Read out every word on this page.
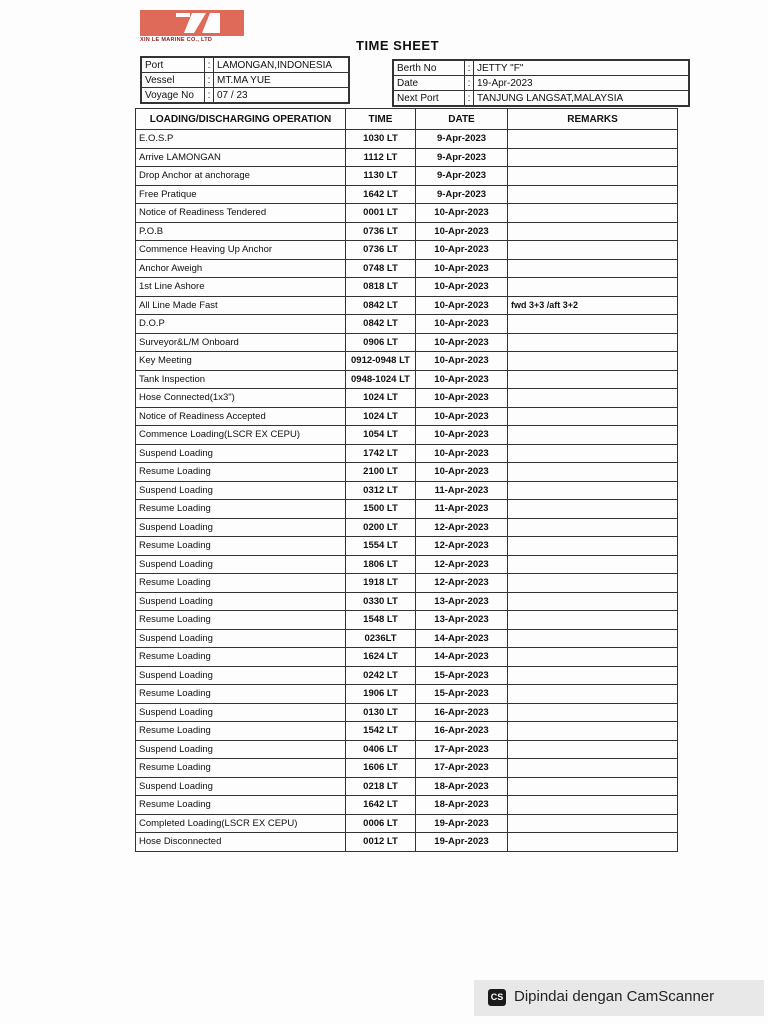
XIN LE MARINE CO., LTD	TIME SHEET
Port	:	LAMONGAN,INDONESIA
Vessel	:	MT.MA YUE
Voyage No	:	07 / 23
Berth No	:	JETTY "F"
Date	:	19-Apr-2023
Next Port	:	TANJUNG LANGSAT,MALAYSIA
LOADING/DISCHARGING OPERATION	TIME	DATE	REMARKS
E.O.S.P	1030 LT	9-Apr-2023	
Arrive LAMONGAN	1112 LT	9-Apr-2023	
Drop Anchor at anchorage	1130 LT	9-Apr-2023	
Free Pratique	1642 LT	9-Apr-2023	
Notice of Readiness Tendered	0001 LT	10-Apr-2023	
P.O.B	0736 LT	10-Apr-2023	
Commence Heaving Up Anchor	0736 LT	10-Apr-2023	
Anchor Aweigh	0748 LT	10-Apr-2023	
1st Line Ashore	0818 LT	10-Apr-2023	
All Line Made Fast	0842 LT	10-Apr-2023	fwd 3+3 /aft 3+2
D.O.P	0842 LT	10-Apr-2023	
Surveyor&L/M Onboard	0906 LT	10-Apr-2023	
Key Meeting	0912-0948 LT	10-Apr-2023	
Tank Inspection	0948-1024 LT	10-Apr-2023	
Hose Connected(1x3")	1024 LT	10-Apr-2023	
Notice of Readiness Accepted	1024 LT	10-Apr-2023	
Commence Loading(LSCR EX CEPU)	1054 LT	10-Apr-2023	
Suspend Loading	1742 LT	10-Apr-2023	
Resume Loading	2100 LT	10-Apr-2023	
Suspend Loading	0312 LT	11-Apr-2023	
Resume Loading	1500 LT	11-Apr-2023	
Suspend Loading	0200 LT	12-Apr-2023	
Resume Loading	1554 LT	12-Apr-2023	
Suspend Loading	1806 LT	12-Apr-2023	
Resume Loading	1918 LT	12-Apr-2023	
Suspend Loading	0330 LT	13-Apr-2023	
Resume Loading	1548 LT	13-Apr-2023	
Suspend Loading	0236LT	14-Apr-2023	
Resume Loading	1624 LT	14-Apr-2023	
Suspend Loading	0242 LT	15-Apr-2023	
Resume Loading	1906 LT	15-Apr-2023	
Suspend Loading	0130 LT	16-Apr-2023	
Resume Loading	1542 LT	16-Apr-2023	
Suspend Loading	0406 LT	17-Apr-2023	
Resume Loading	1606 LT	17-Apr-2023	
Suspend Loading	0218 LT	18-Apr-2023	
Resume Loading	1642 LT	18-Apr-2023	
Completed Loading(LSCR EX CEPU)	0006 LT	19-Apr-2023	
Hose Disconnected	0012 LT	19-Apr-2023	
CS Dipindai dengan CamScanner
